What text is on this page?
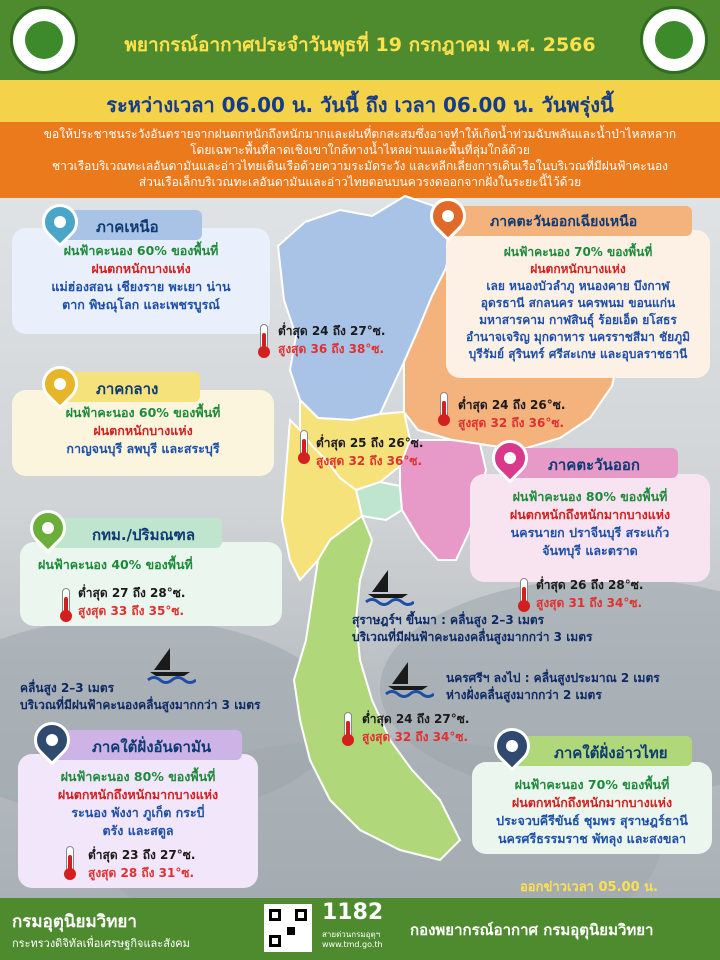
พยากรณ์อากาศประจำวันพุธที่ 19 กรกฎาคม พ.ศ. 2566
ระหว่างเวลา 06.00 น. วันนี้ ถึง เวลา 06.00 น. วันพรุ่งนี้

ขอให้ประชาชนระวังอันตรายจากฝนตกหนักถึงหนักมากและฝนที่ตกสะสมซึ่งอาจทำให้เกิดน้ำท่วมฉับพลันและน้ำป่าไหลหลาก

โดยเฉพาะพื้นที่ลาดเชิงเขาใกล้ทางน้ำไหลผ่านและพื้นที่ลุ่มใกล้ด้วย

ชาวเรือบริเวณทะเลอันดามันและอ่าวไทยเดินเรือด้วยความระมัดระวัง และหลีกเลี่ยงการเดินเรือในบริเวณที่มีฝนฟ้าคะนอง

ส่วนเรือเล็กบริเวณทะเลอันดามันและอ่าวไทยตอนบนควรงดออกจากฝั่งในระยะนี้ไว้ด้วย

ฝนฟ้าคะนอง 60% ของพื้นที่
ฝนตกหนักบางแห่ง
แม่ฮ่องสอน เชียงราย พะเยา น่าน
ตาก พิษณุโลก และเพชรบูรณ์
ภาคเหนือ
ต่ำสุด 24 ถึง 27°ซ.
สูงสุด 36 ถึง 38°ซ.
ฝนฟ้าคะนอง 70% ของพื้นที่
ฝนตกหนักบางแห่ง
เลย หนองบัวลำภู หนองคาย บึงกาฬ
อุดรธานี สกลนคร นครพนม ขอนแก่น
มหาสารคาม กาฬสินธุ์ ร้อยเอ็ด ยโสธร
อำนาจเจริญ มุกดาหาร นครราชสีมา ชัยภูมิ
บุรีรัมย์ สุรินทร์ ศรีสะเกษ และอุบลราชธานี
ภาคตะวันออกเฉียงเหนือ
ต่ำสุด 24 ถึง 26°ซ.
สูงสุด 32 ถึง 36°ซ.
ฝนฟ้าคะนอง 60% ของพื้นที่
ฝนตกหนักบางแห่ง
กาญจนบุรี ลพบุรี และสระบุรี
ภาคกลาง
ต่ำสุด 25 ถึง 26°ซ.
สูงสุด 32 ถึง 36°ซ.
ฝนฟ้าคะนอง 80% ของพื้นที่
ฝนตกหนักถึงหนักมากบางแห่ง
นครนายก ปราจีนบุรี สระแก้ว
จันทบุรี และตราด
ภาคตะวันออก
ต่ำสุด 26 ถึง 28°ซ.
สูงสุด 31 ถึง 34°ซ.
ฝนฟ้าคะนอง 40% ของพื้นที่
กทม./ปริมณฑล
ต่ำสุด 27 ถึง 28°ซ.
สูงสุด 33 ถึง 35°ซ.
สุราษฎร์ฯ ขึ้นมา : คลื่นสูง 2–3 เมตร
บริเวณที่มีฝนฟ้าคะนองคลื่นสูงมากกว่า 3 เมตร
คลื่นสูง 2–3 เมตร
บริเวณที่มีฝนฟ้าคะนองคลื่นสูงมากกว่า 3 เมตร
นครศรีฯ ลงไป : คลื่นสูงประมาณ 2 เมตร
ห่างฝั่งคลื่นสูงมากกว่า 2 เมตร
ฝนฟ้าคะนอง 80% ของพื้นที่
ฝนตกหนักถึงหนักมากบางแห่ง
ระนอง พังงา ภูเก็ต กระบี่
ตรัง และสตูล
ภาคใต้ฝั่งอันดามัน
ต่ำสุด 23 ถึง 27°ซ.
สูงสุด 28 ถึง 31°ซ.
ต่ำสุด 24 ถึง 27°ซ.
สูงสุด 32 ถึง 34°ซ.
ฝนฟ้าคะนอง 70% ของพื้นที่
ฝนตกหนักถึงหนักมากบางแห่ง
ประจวบคีรีขันธ์ ชุมพร สุราษฎร์ธานี
นครศรีธรรมราช พัทลุง และสงขลา
ภาคใต้ฝั่งอ่าวไทย
ออกข่าวเวลา 05.00 น.
กรมอุตุนิยมวิทยา
กระทรวงดิจิทัลเพื่อเศรษฐกิจและสังคม
1182
สายด่วนกรมอุตุฯ
www.tmd.go.th
กองพยากรณ์อากาศ กรมอุตุนิยมวิทยา
